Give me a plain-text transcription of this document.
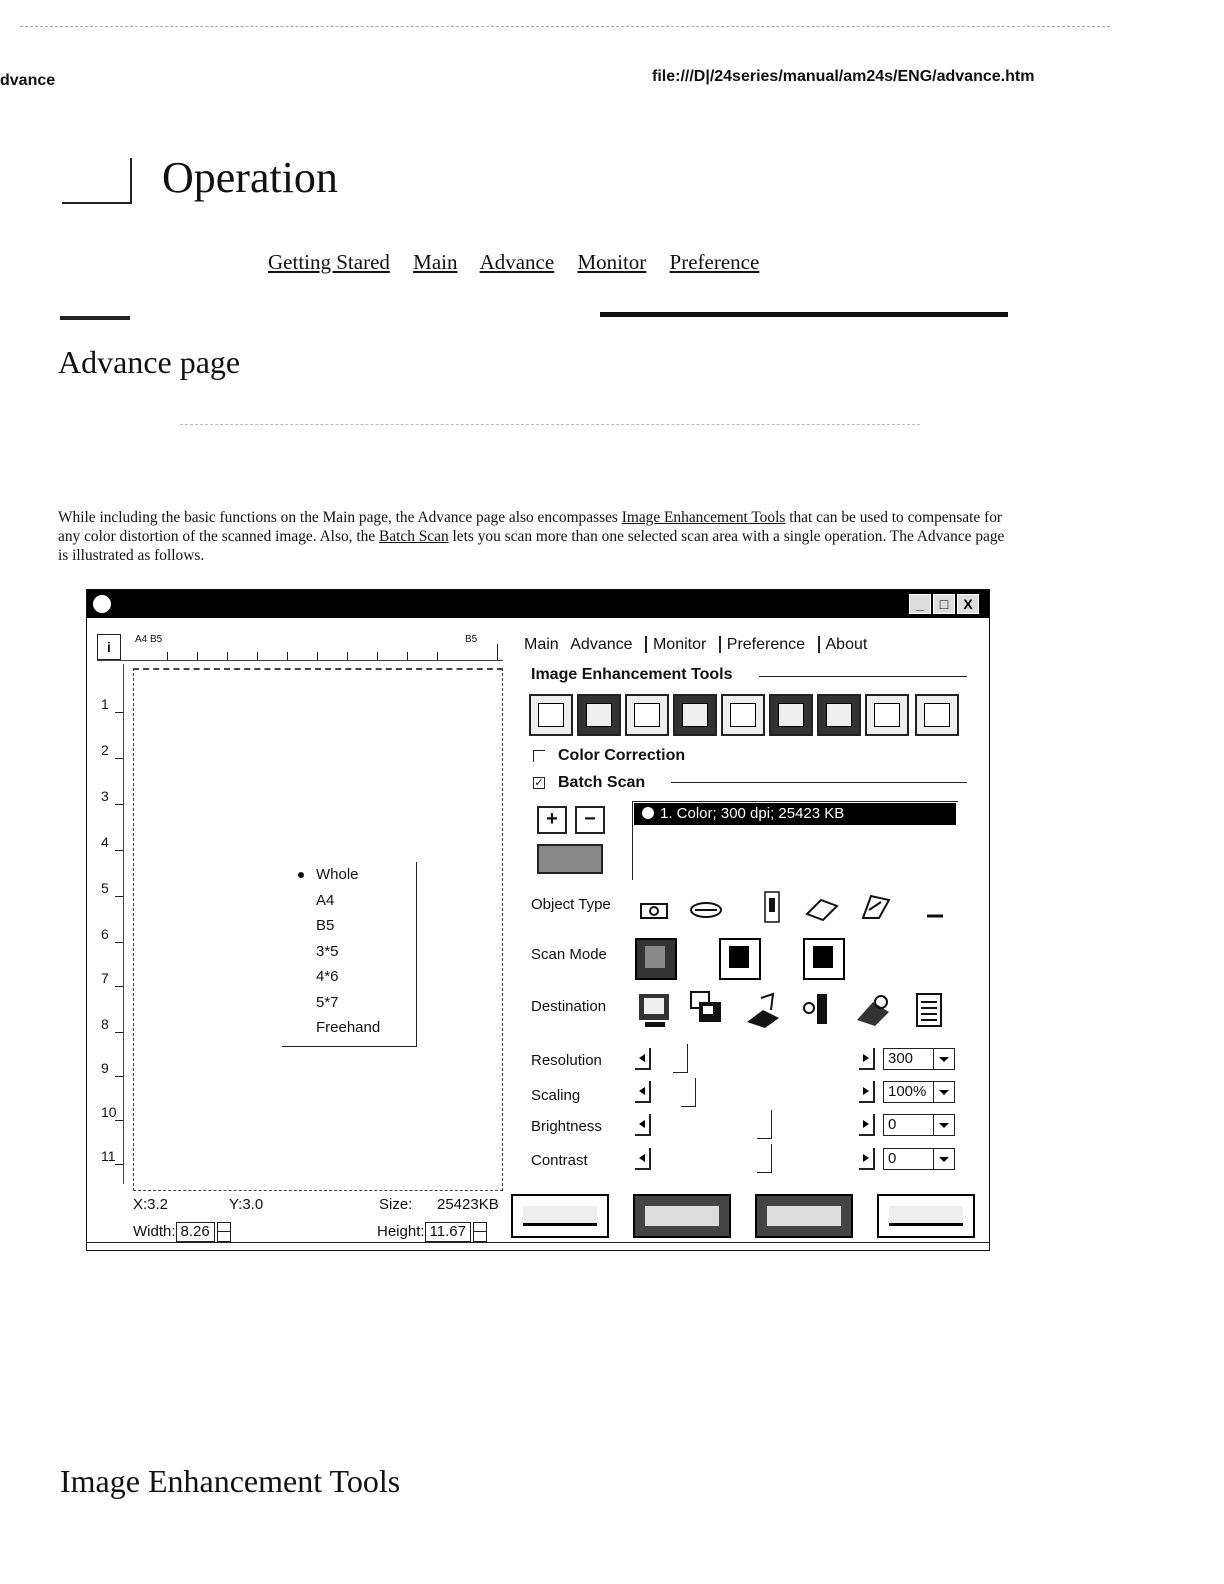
dvance	file:///D|/24series/manual/am24s/ENG/advance.htm
Operation
Getting Stared Main Advance Monitor Preference
Advance page
While including the basic functions on the Main page, the Advance page also encompasses Image Enhancement Tools that can be used to compensate for any color distortion of the scanned image. Also, the Batch Scan lets you scan more than one selected scan area with a single operation. The Advance page is illustrated as follows.
_	□	X
A4 B5	B5
i
1
2
3
4
5
6
7
8
9
10
11
Whole
A4
B5
3*5
4*6
5*7
Freehand
X:3.2	Y:3.0	Size: 25423KB
Width: 8.26	Height: 11.67
Main Advance Monitor Preference About
Image Enhancement Tools
Color Correction
✓ Batch Scan
+	−	1. Color; 300 dpi; 25423 KB
Object Type
Scan Mode
Destination
Resolution	300
Scaling	100%
Brightness	0
Contrast	0
Image Enhancement Tools
